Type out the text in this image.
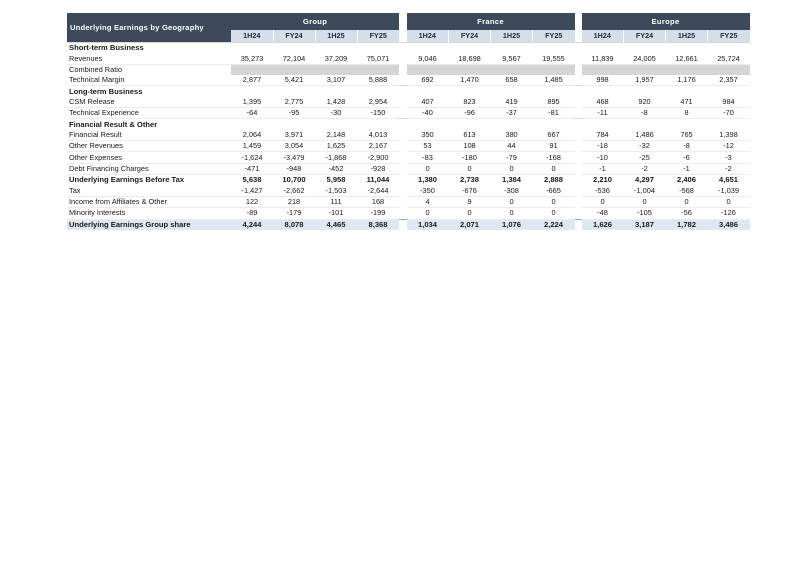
Underlying Earnings by Geography	Group					France					Europe			
	1H24	FY24	1H25	FY25		1H24	FY24	1H25	FY25		1H24	FY24	1H25	FY25
Short-term Business														
Revenues	35,273	72,104	37,209	75,071		9,046	18,698	9,567	19,555		11,839	24,005	12,661	25,724
Combined Ratio														
Technical Margin	2,877	5,421	3,107	5,888		692	1,470	658	1,485		998	1,957	1,176	2,357
Long-term Business														
CSM Release	1,395	2,775	1,428	2,954		407	823	419	895		468	920	471	984
Technical Experience	-64	-95	-30	-150		-40	-96	-37	-81		-11	-8	8	-70
Financial Result & Other														
Financial Result	2,064	3,971	2,148	4,013		350	613	380	667		784	1,486	765	1,398
Other Revenues	1,459	3,054	1,625	2,167		53	108	44	91		-18	-32	-8	-12
Other Expenses	-1,624	-3,479	-1,868	-2,900		-83	-180	-79	-168		-10	-25	-6	-3
Debt Financing Charges	-471	-948	-452	-928		0	0	0	0		-1	-2	-1	-2
Underlying Earnings Before Tax	5,638	10,700	5,958	11,044		1,380	2,738	1,384	2,888		2,210	4,297	2,406	4,651
Tax	-1,427	-2,662	-1,503	-2,644		-350	-676	-308	-665		-536	-1,004	-568	-1,039
Income from Affiliates & Other	122	218	111	168		4	9	0	0		0	0	0	0
Minority Interests	-89	-179	-101	-199		0	0	0	0		-48	-105	-56	-126
Underlying Earnings Group share	4,244	8,078	4,465	8,368		1,034	2,071	1,076	2,224		1,626	3,187	1,782	3,486
